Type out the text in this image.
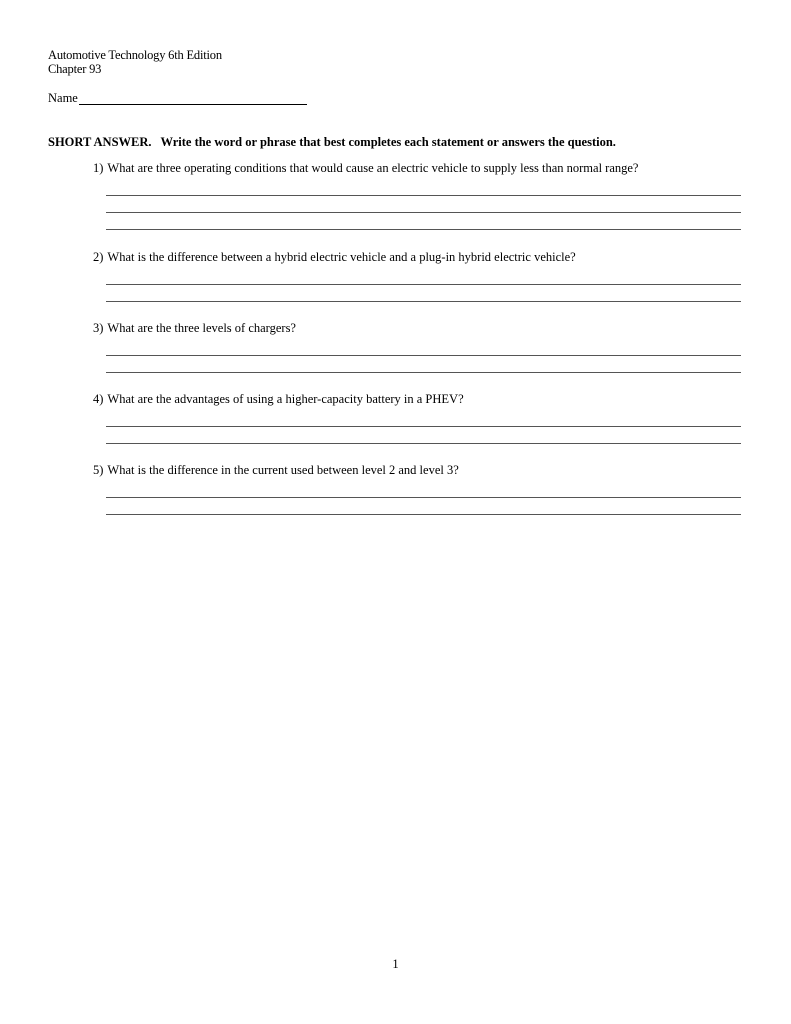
Automotive Technology 6th Edition
Chapter 93
Name
SHORT ANSWER. Write the word or phrase that best completes each statement or answers the question.
1) What are three operating conditions that would cause an electric vehicle to supply less than normal range?
2) What is the difference between a hybrid electric vehicle and a plug-in hybrid electric vehicle?
3) What are the three levels of chargers?
4) What are the advantages of using a higher-capacity battery in a PHEV?
5) What is the difference in the current used between level 2 and level 3?
1
